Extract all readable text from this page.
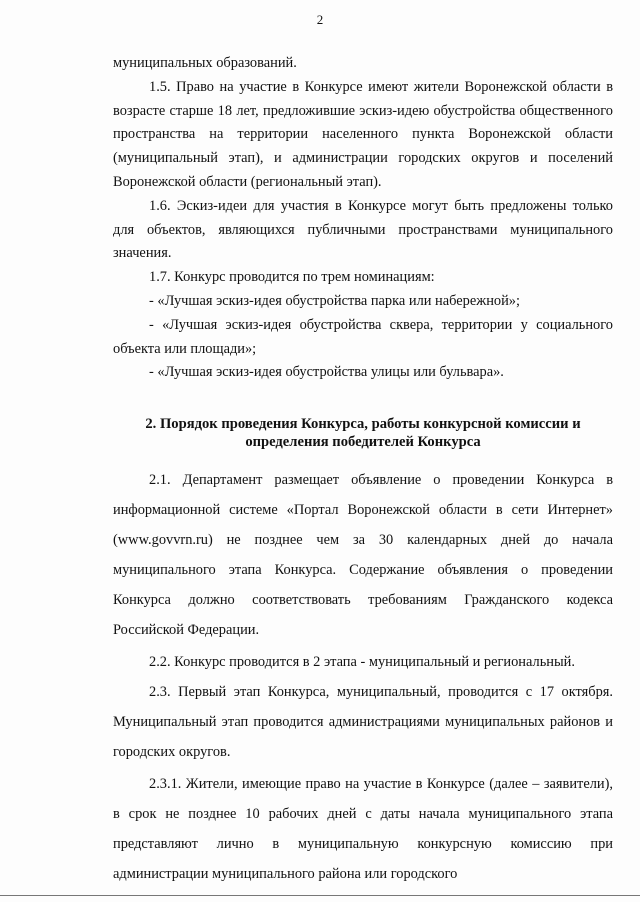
2

муниципальных образований.

1.5. Право на участие в Конкурсе имеют жители Воронежской области в возрасте старше 18 лет, предложившие эскиз-идею обустройства общественного пространства на территории населенного пункта Воронежской области (муниципальный этап), и администрации городских округов и поселений Воронежской области (региональный этап).

1.6. Эскиз-идеи для участия в Конкурсе могут быть предложены только для объектов, являющихся публичными пространствами муниципального значения.

1.7. Конкурс проводится по трем номинациям:

- «Лучшая эскиз-идея обустройства парка или набережной»;

- «Лучшая эскиз-идея обустройства сквера, территории у социального объекта или площади»;

- «Лучшая эскиз-идея обустройства улицы или бульвара».

2. Порядок проведения Конкурса, работы конкурсной комиссии и
определения победителей Конкурса

2.1. Департамент размещает объявление о проведении Конкурса в информационной системе «Портал Воронежской области в сети Интернет» (www.govvrn.ru) не позднее чем за 30 календарных дней до начала муниципального этапа Конкурса. Содержание объявления о проведении Конкурса должно соответствовать требованиям Гражданского кодекса Российской Федерации.

2.2. Конкурс проводится в 2 этапа - муниципальный и региональный.

2.3. Первый этап Конкурса, муниципальный, проводится с 17 октября. Муниципальный этап проводится администрациями муниципальных районов и городских округов.

2.3.1. Жители, имеющие право на участие в Конкурсе (далее – заявители), в срок не позднее 10 рабочих дней с даты начала муниципального этапа представляют лично в муниципальную конкурсную комиссию при администрации муниципального района или городского
